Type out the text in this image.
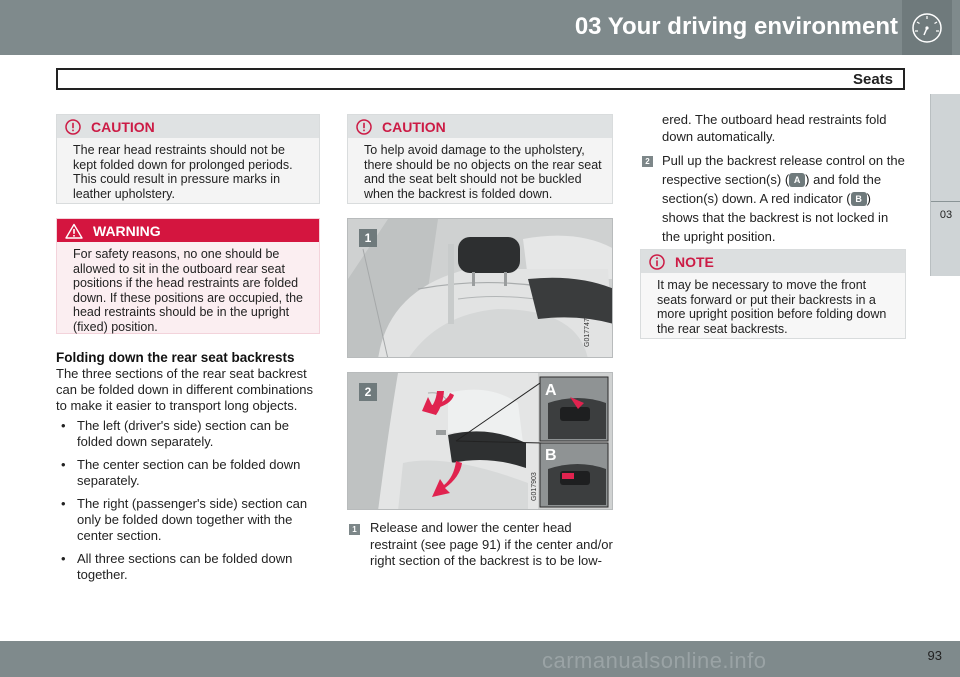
03 Your driving environment
Seats
03
CAUTION
The rear head restraints should not be kept folded down for prolonged periods. This could result in pressure marks in leather upholstery.
WARNING
For safety reasons, no one should be allowed to sit in the outboard rear seat positions if the head restraints are folded down. If these positions are occupied, the head restraints should be in the upright (fixed) position.
Folding down the rear seat backrests
The three sections of the rear seat backrest can be folded down in different combinations to make it easier to transport long objects.
• The left (driver's side) section can be folded down separately.
• The center section can be folded down separately.
• The right (passenger's side) section can only be folded down together with the center section.
• All three sections can be folded down together.
CAUTION
To help avoid damage to the upholstery, there should be no objects on the rear seat and the seat belt should not be buckled when the backrest is folded down.
1
G017747
2	A
B
G017903
1 Release and lower the center head restraint (see page 91) if the center and/or right section of the backrest is to be low-
ered. The outboard head restraints fold down automatically.
2 Pull up the backrest release control on the respective section(s) ( A ) and fold the section(s) down. A red indicator ( B ) shows that the backrest is not locked in the upright position.
NOTE
It may be necessary to move the front seats forward or put their backrests in a more upright position before folding down the rear seat backrests.
carmanualsonline.info	93
